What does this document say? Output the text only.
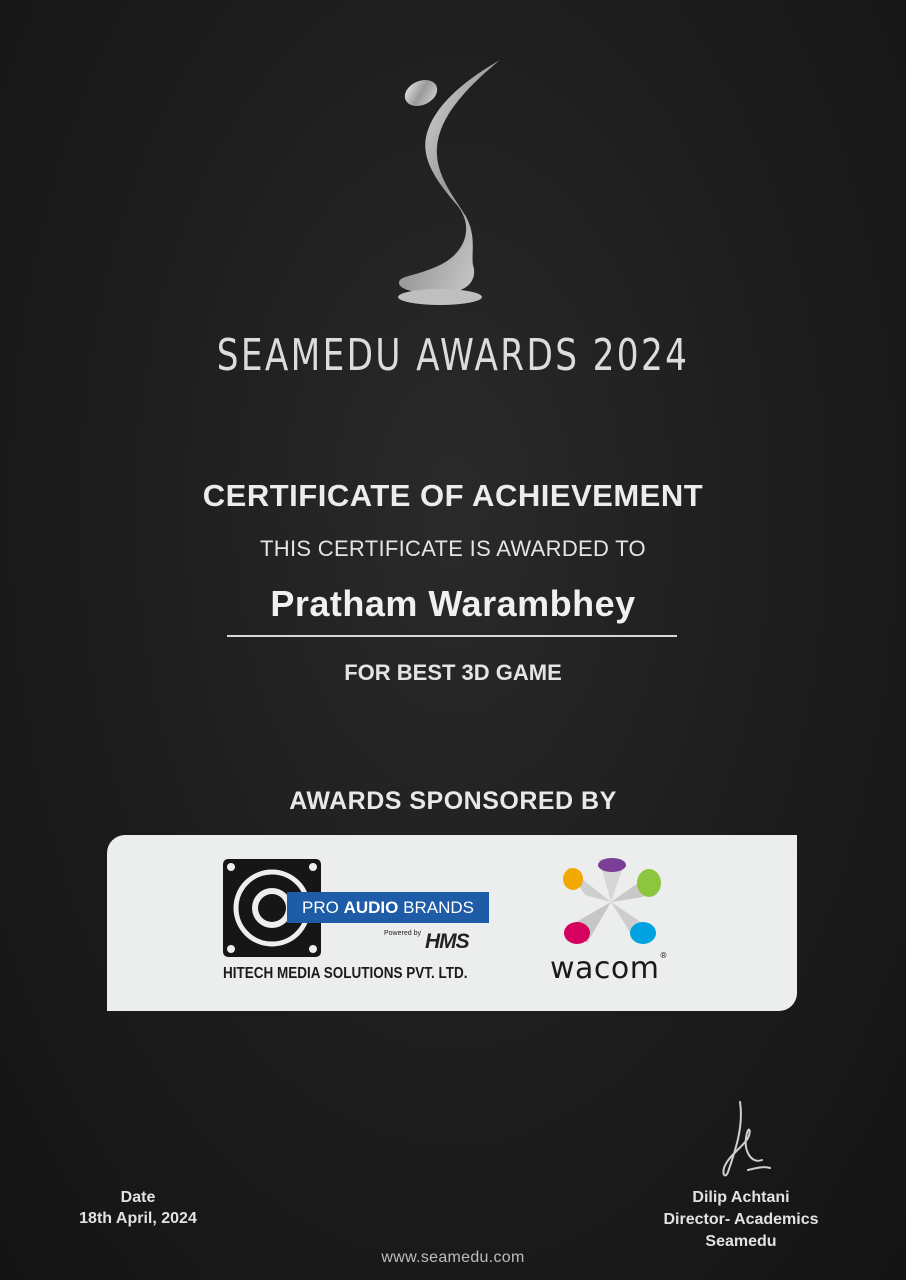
SEAMEDU AWARDS 2024
CERTIFICATE OF ACHIEVEMENT
THIS CERTIFICATE IS AWARDED TO
Pratham Warambhey
FOR BEST 3D GAME
AWARDS SPONSORED BY
PRO AUDIO BRANDS
Powered by HMS
HITECH MEDIA SOLUTIONS PVT. LTD.	wacom®
Date
18th April, 2024
Dilip Achtani
Director- Academics
Seamedu
www.seamedu.com
